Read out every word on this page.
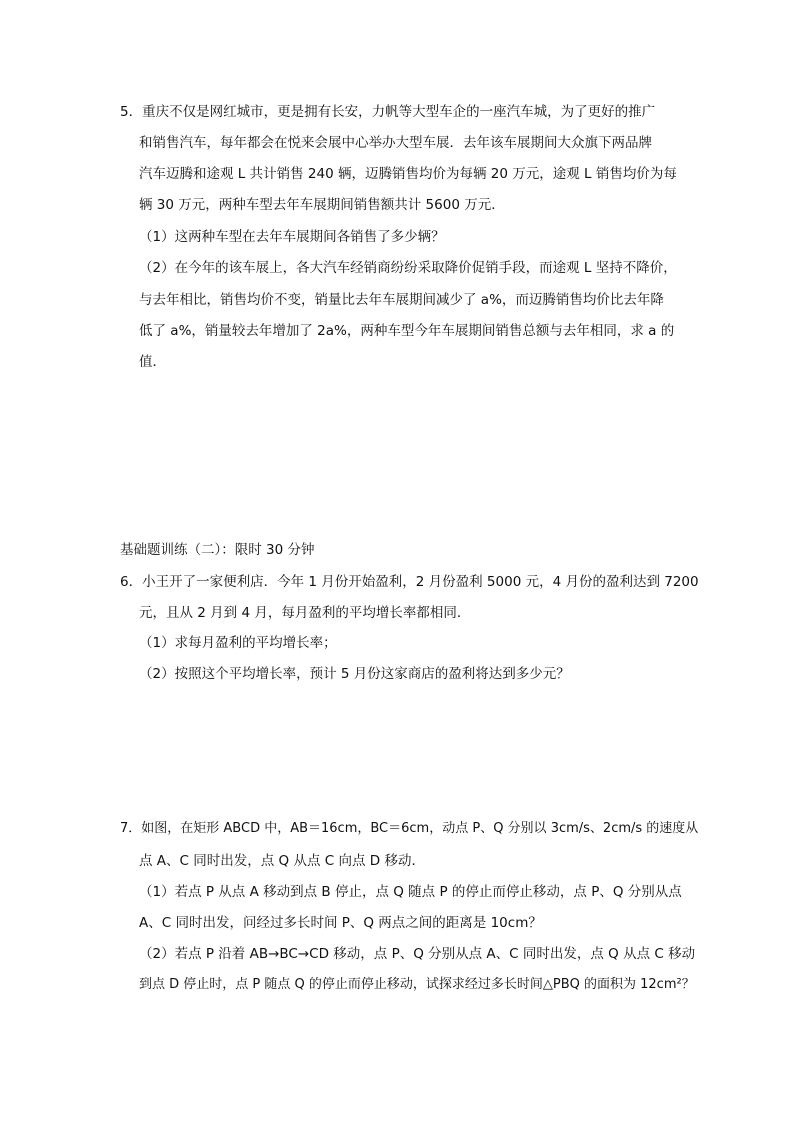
5．重庆不仅是网红城市，更是拥有长安，力帆等大型车企的一座汽车城，为了更好的推广
和销售汽车，每年都会在悦来会展中心举办大型车展．去年该车展期间大众旗下两品牌
汽车迈腾和途观 L 共计销售 240 辆，迈腾销售均价为每辆 20 万元，途观 L 销售均价为每
辆 30 万元，两种车型去年车展期间销售额共计 5600 万元．
（1）这两种车型在去年车展期间各销售了多少辆？
（2）在今年的该车展上，各大汽车经销商纷纷采取降价促销手段，而途观 L 坚持不降价，
与去年相比，销售均价不变，销量比去年车展期间减少了 a%，而迈腾销售均价比去年降
低了 a%，销量较去年增加了 2a%，两种车型今年车展期间销售总额与去年相同，求 a 的
值．
基础题训练（二）：限时 30 分钟
6．小王开了一家便利店．今年 1 月份开始盈利，2 月份盈利 5000 元，4 月份的盈利达到 7200
元，且从 2 月到 4 月，每月盈利的平均增长率都相同．
（1）求每月盈利的平均增长率；
（2）按照这个平均增长率，预计 5 月份这家商店的盈利将达到多少元？
7．如图，在矩形 ABCD 中，AB＝16cm，BC＝6cm，动点 P、Q 分别以 3cm/s、2cm/s 的速度从
点 A、C 同时出发，点 Q 从点 C 向点 D 移动．
（1）若点 P 从点 A 移动到点 B 停止，点 Q 随点 P 的停止而停止移动，点 P、Q 分别从点
A、C 同时出发，问经过多长时间 P、Q 两点之间的距离是 10cm？
（2）若点 P 沿着 AB→BC→CD 移动，点 P、Q 分别从点 A、C 同时出发，点 Q 从点 C 移动
到点 D 停止时，点 P 随点 Q 的停止而停止移动，试探求经过多长时间△PBQ 的面积为 12cm²？
